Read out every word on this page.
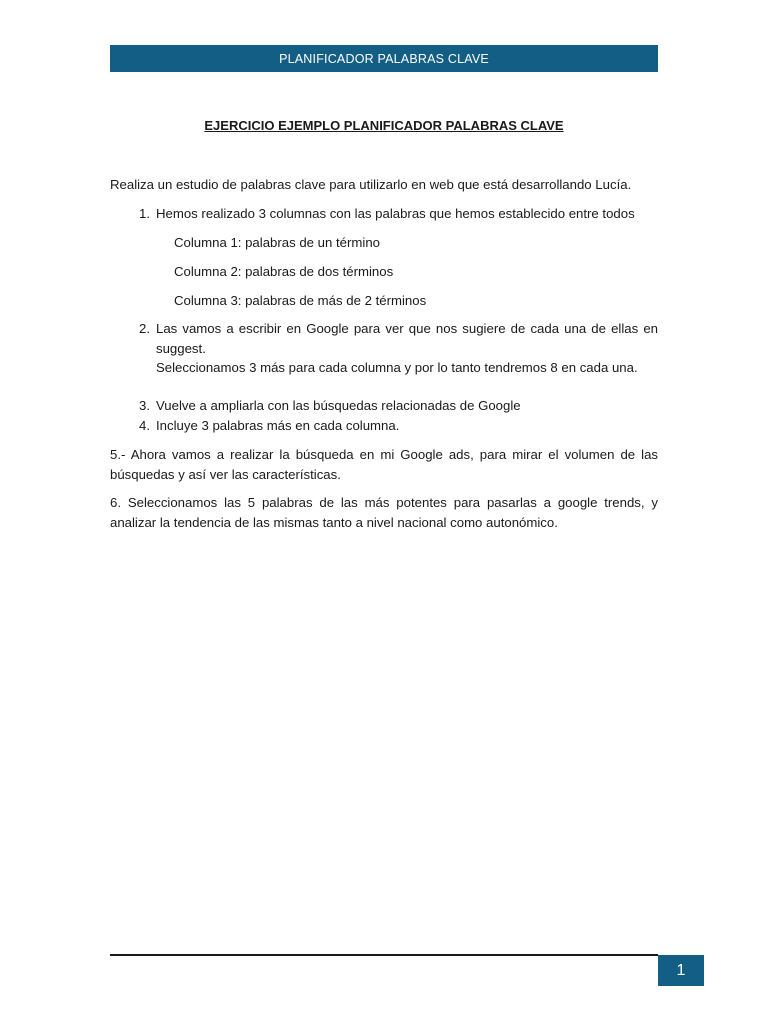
PLANIFICADOR PALABRAS CLAVE
EJERCICIO EJEMPLO PLANIFICADOR PALABRAS CLAVE
Realiza un estudio de palabras clave para utilizarlo en web que está desarrollando Lucía.
1. Hemos realizado 3 columnas con las palabras que hemos establecido entre todos
Columna 1: palabras de un término
Columna 2: palabras de dos términos
Columna 3: palabras de más de 2 términos
2. Las vamos a escribir en Google para ver que nos sugiere de cada una de ellas en suggest.
Seleccionamos 3 más para cada columna y por lo tanto tendremos 8 en cada una.
3. Vuelve a ampliarla con las búsquedas relacionadas de Google
4. Incluye 3 palabras más en cada columna.
5.- Ahora vamos a realizar la búsqueda en mi Google ads, para mirar el volumen de las búsquedas y así ver las características.
6. Seleccionamos las 5 palabras de las más potentes para pasarlas a google trends, y analizar la tendencia de las mismas tanto a nivel nacional como autonómico.
1
